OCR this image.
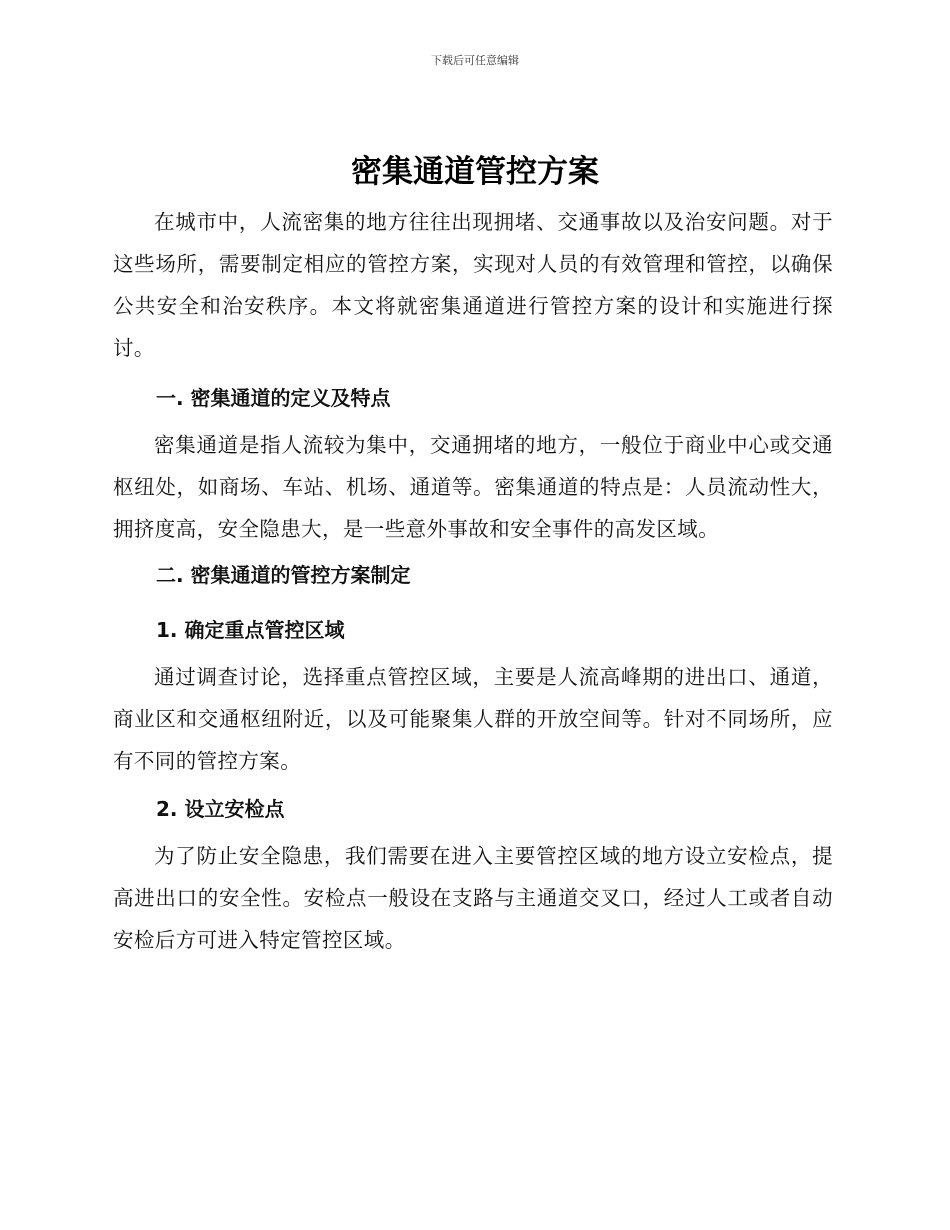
下载后可任意编辑
密集通道管控方案

在城市中，人流密集的地方往往出现拥堵、交通事故以及治安问题。对于这些场所，需要制定相应的管控方案，实现对人员的有效管理和管控，以确保公共安全和治安秩序。本文将就密集通道进行管控方案的设计和实施进行探讨。

一. 密集通道的定义及特点

密集通道是指人流较为集中，交通拥堵的地方，一般位于商业中心或交通枢纽处，如商场、车站、机场、通道等。密集通道的特点是：人员流动性大，拥挤度高，安全隐患大，是一些意外事故和安全事件的高发区域。

二. 密集通道的管控方案制定

1. 确定重点管控区域

通过调查讨论，选择重点管控区域，主要是人流高峰期的进出口、通道，商业区和交通枢纽附近，以及可能聚集人群的开放空间等。针对不同场所，应有不同的管控方案。

2. 设立安检点

为了防止安全隐患，我们需要在进入主要管控区域的地方设立安检点，提高进出口的安全性。安检点一般设在支路与主通道交叉口，经过人工或者自动安检后方可进入特定管控区域。
